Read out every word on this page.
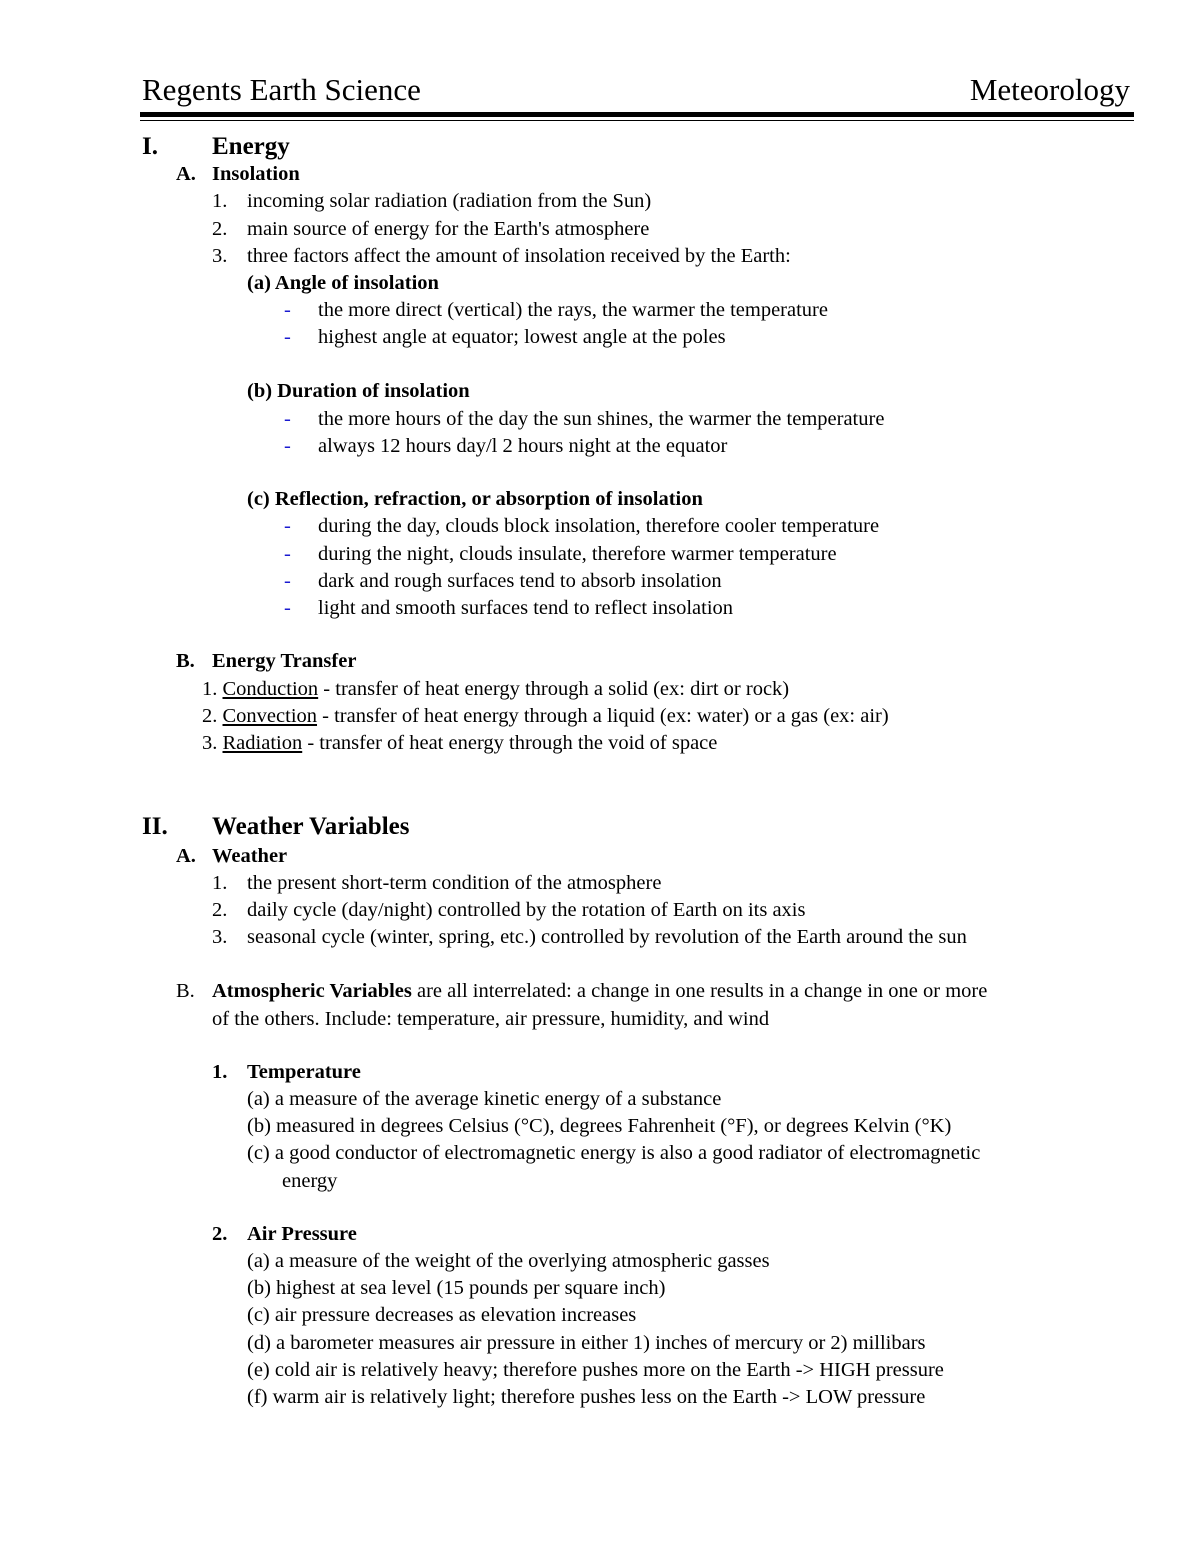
Regents Earth Science	Meteorology
I. Energy
A. Insolation
1. incoming solar radiation (radiation from the Sun)
2. main source of energy for the Earth's atmosphere
3. three factors affect the amount of insolation received by the Earth:
(a) Angle of insolation
- the more direct (vertical) the rays, the warmer the temperature
- highest angle at equator; lowest angle at the poles
(b) Duration of insolation
- the more hours of the day the sun shines, the warmer the temperature
- always 12 hours day/l 2 hours night at the equator
(c) Reflection, refraction, or absorption of insolation
- during the day, clouds block insolation, therefore cooler temperature
- during the night, clouds insulate, therefore warmer temperature
- dark and rough surfaces tend to absorb insolation
- light and smooth surfaces tend to reflect insolation
B. Energy Transfer
1. Conduction - transfer of heat energy through a solid (ex: dirt or rock)
2. Convection - transfer of heat energy through a liquid (ex: water) or a gas (ex: air)
3. Radiation - transfer of heat energy through the void of space
II. Weather Variables
A. Weather
1. the present short-term condition of the atmosphere
2. daily cycle (day/night) controlled by the rotation of Earth on its axis
3. seasonal cycle (winter, spring, etc.) controlled by revolution of the Earth around the sun
B. Atmospheric Variables are all interrelated: a change in one results in a change in one or more
of the others. Include: temperature, air pressure, humidity, and wind
1. Temperature
(a) a measure of the average kinetic energy of a substance
(b) measured in degrees Celsius (°C), degrees Fahrenheit (°F), or degrees Kelvin (°K)
(c) a good conductor of electromagnetic energy is also a good radiator of electromagnetic
energy
2. Air Pressure
(a) a measure of the weight of the overlying atmospheric gasses
(b) highest at sea level (15 pounds per square inch)
(c) air pressure decreases as elevation increases
(d) a barometer measures air pressure in either 1) inches of mercury or 2) millibars
(e) cold air is relatively heavy; therefore pushes more on the Earth -> HIGH pressure
(f) warm air is relatively light; therefore pushes less on the Earth -> LOW pressure
